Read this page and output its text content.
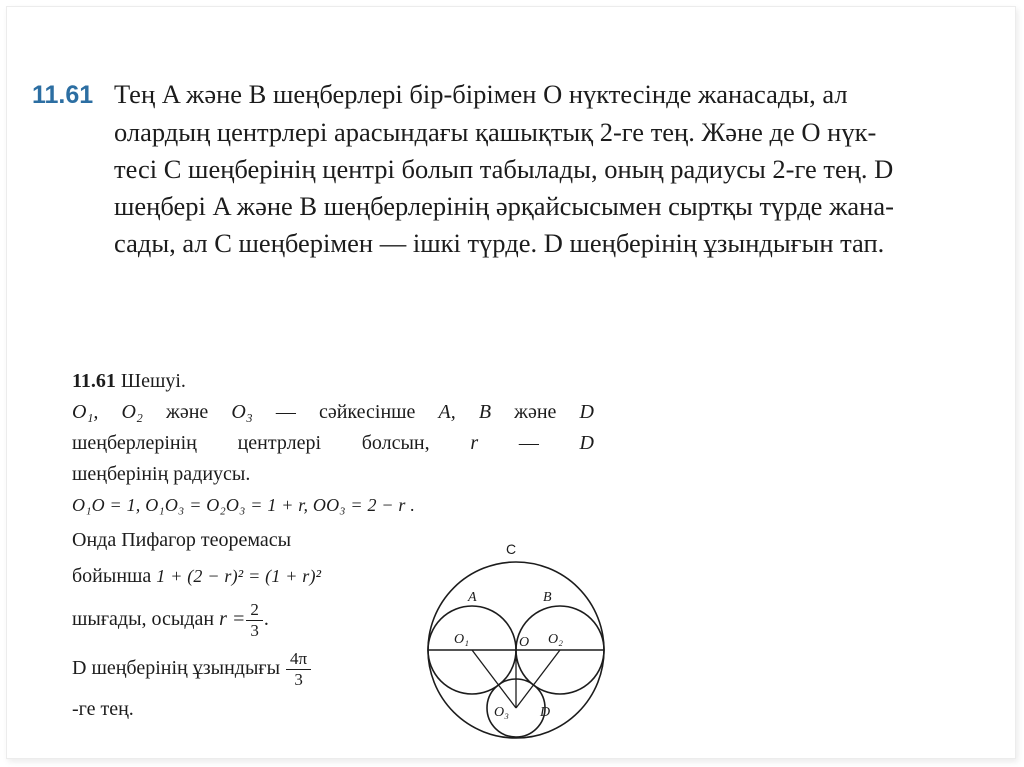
11.61 Тең A және B шеңберлері бір-бірімен O нүктесінде жанасады, ал

олардың центрлері арасындағы қашықтық 2-ге тең. Және де O нүк-

тесі C шеңберінің центрі болып табылады, оның радиусы 2-ге тең. D

шеңбері A және B шеңберлерінің әрқайсысымен сыртқы түрде жана-

сады, ал C шеңберімен — ішкі түрде. D шеңберінің ұзындығын тап.

11.61 Шешуі.

O₁, O₂ және O₃ — сәйкесінше A, B және D

шеңберлерінің центрлері болсын, r — D

шеңберінің радиусы.

O₁O = 1, O₁O₃ = O₂O₃ = 1 + r, OO₃ = 2 − r .

Онда Пифагор теоремасы

бойынша 1 + (2 − r)² = (1 + r)²

шығады, осыдан $r = \frac{2}{3}$ .

D шеңберінің ұзындығы $\frac{4\pi}{3}$

-ге тең.

C
A	B
O₁	O₂
O
O₃ D
